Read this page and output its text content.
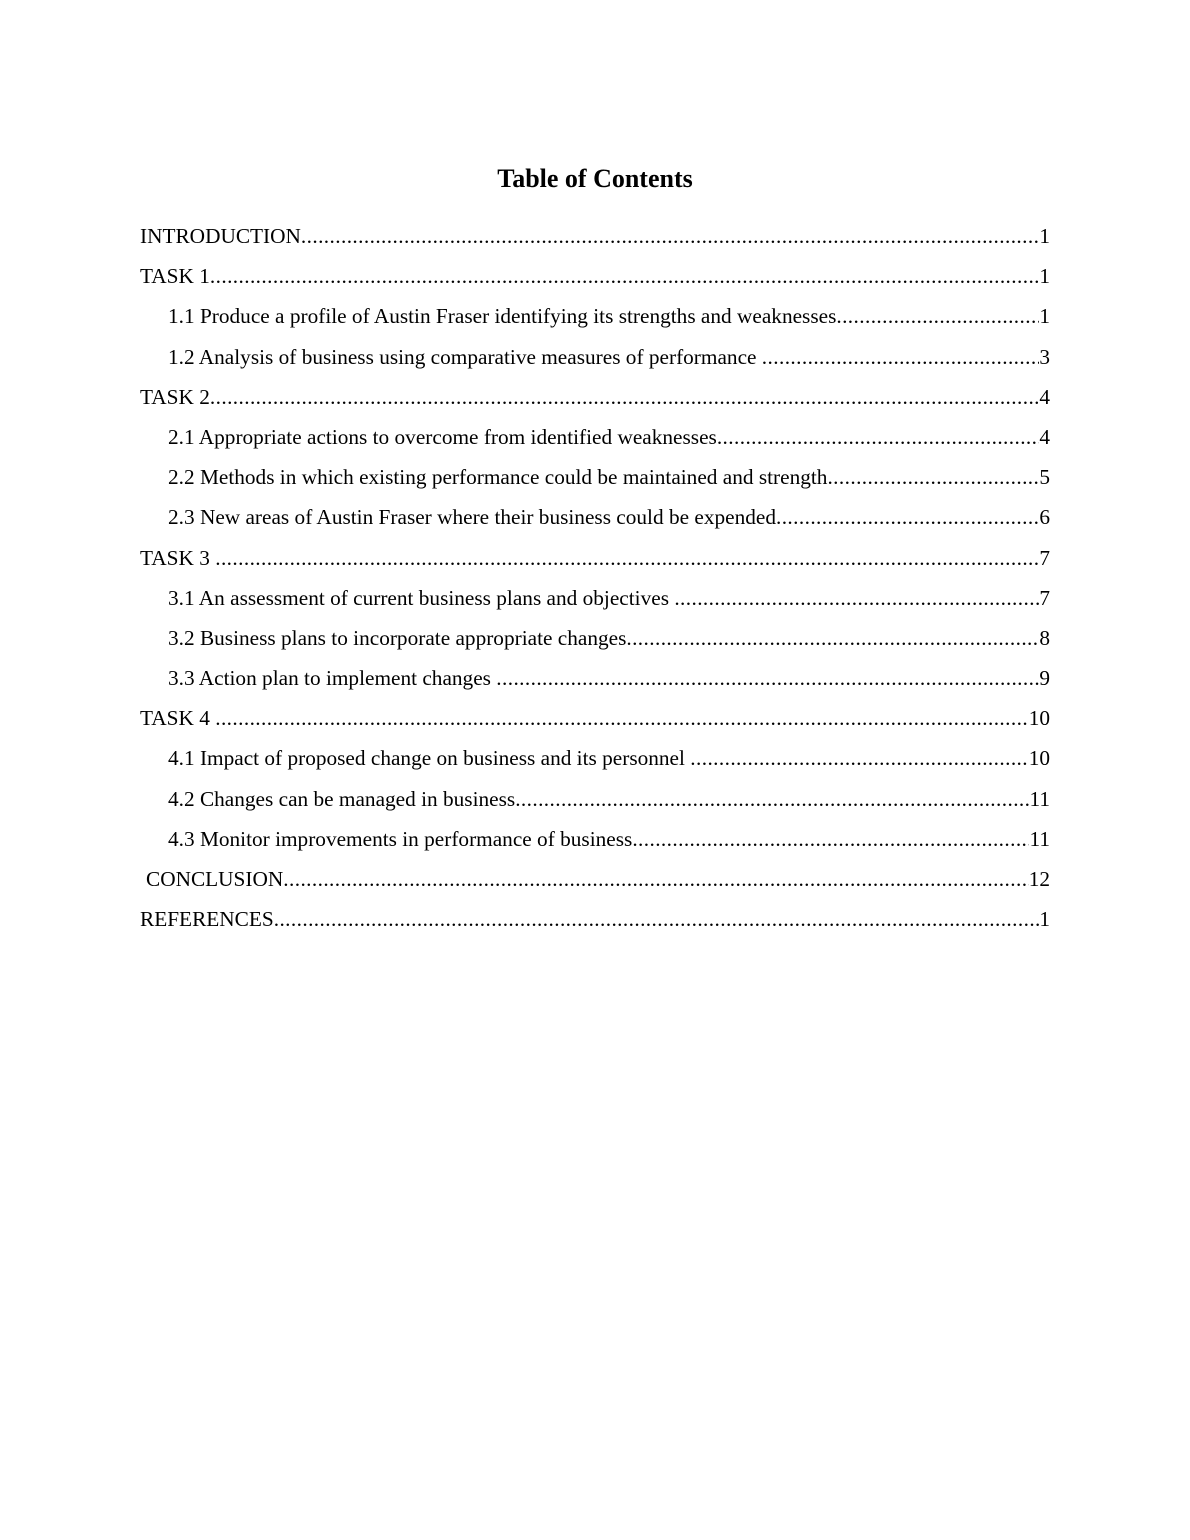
Table of Contents
INTRODUCTION .....	1
TASK 1 .....	1
1.1 Produce a profile of Austin Fraser identifying its strengths and weaknesses .....	1
1.2 Analysis of business using comparative measures of performance .....	3
TASK 2 .....	4
2.1 Appropriate actions to overcome from identified weaknesses .....	4
2.2 Methods in which existing performance could be maintained and strength .....	5
2.3 New areas of Austin Fraser where their business could be expended .....	6
TASK 3 .....	7
3.1 An assessment of current business plans and objectives .....	7
3.2 Business plans to incorporate appropriate changes .....	8
3.3 Action plan to implement changes .....	9
TASK 4 .....	10
4.1 Impact of proposed change on business and its personnel .....	10
4.2 Changes can be managed in business .....	11
4.3 Monitor improvements in performance of business .....	11
CONCLUSION .....	12
REFERENCES .....	1
